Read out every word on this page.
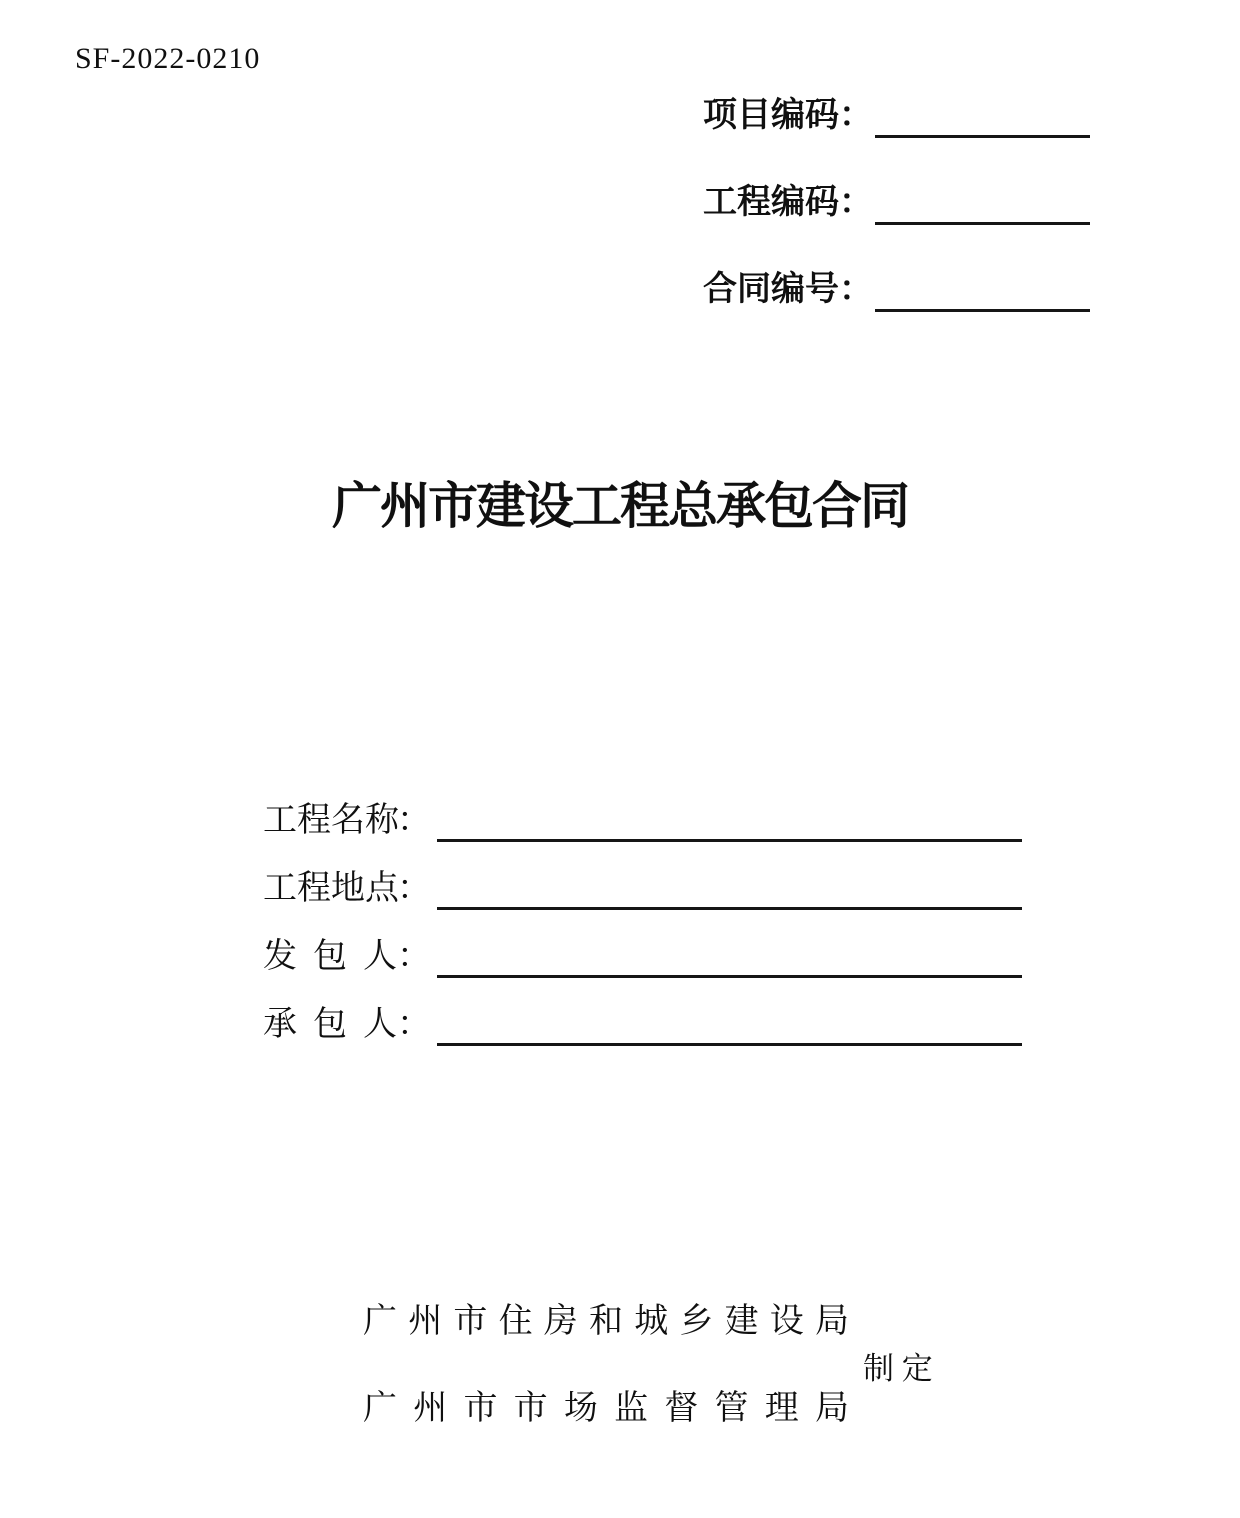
SF-2022-0210
项目编码 ：
工程编码 ：
合同编号 ：
广州市建设工程总承包合同
工程名称
：
工程地点
：
发 包 人 ：
承 包 人 ：
广 州 市 住 房 和 城 乡 建 设 局
制 定
广 州 市 市 场 监 督 管 理 局
